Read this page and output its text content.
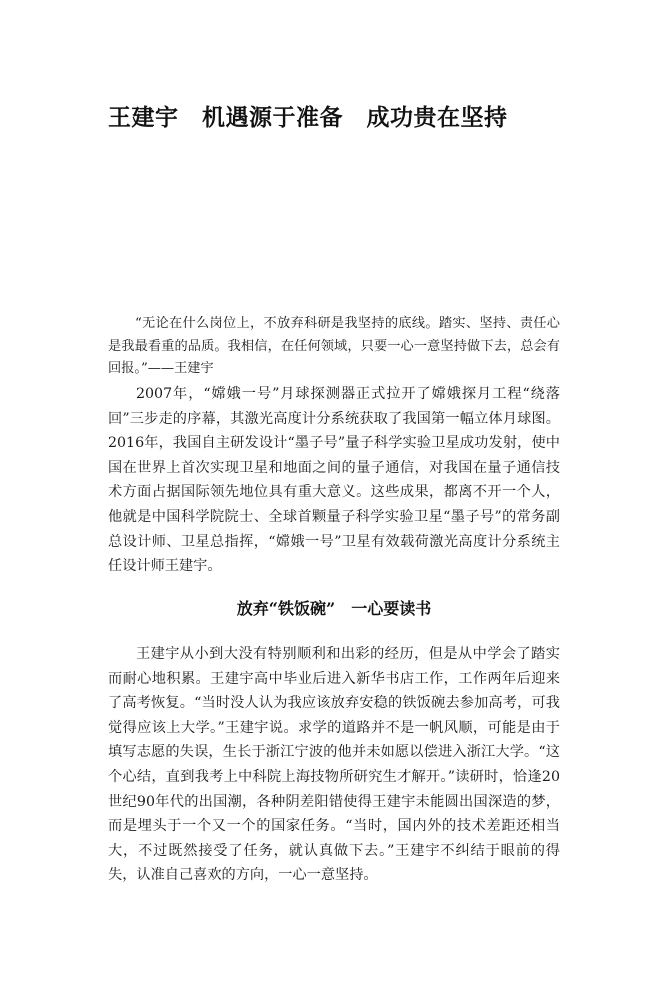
王建宇　机遇源于准备　成功贵在坚持

“无论在什么岗位上，不放弃科研是我坚持的底线。踏实、坚持、责任心是我最看重的品质。我相信，在任何领域，只要一心一意坚持做下去，总会有回报。”——王建宇

2007年，“嫦娥一号”月球探测器正式拉开了嫦娥探月工程“绕落回”三步走的序幕，其激光高度计分系统获取了我国第一幅立体月球图。2016年，我国自主研发设计“墨子号”量子科学实验卫星成功发射，使中国在世界上首次实现卫星和地面之间的量子通信，对我国在量子通信技术方面占据国际领先地位具有重大意义。这些成果，都离不开一个人，他就是中国科学院院士、全球首颗量子科学实验卫星“墨子号”的常务副总设计师、卫星总指挥，“嫦娥一号”卫星有效载荷激光高度计分系统主任设计师王建宇。

放弃“铁饭碗”　一心要读书

王建宇从小到大没有特别顺利和出彩的经历，但是从中学会了踏实而耐心地积累。王建宇高中毕业后进入新华书店工作，工作两年后迎来了高考恢复。“当时没人认为我应该放弃安稳的铁饭碗去参加高考，可我觉得应该上大学。”王建宇说。求学的道路并不是一帆风顺，可能是由于填写志愿的失误，生长于浙江宁波的他并未如愿以偿进入浙江大学。“这个心结，直到我考上中科院上海技物所研究生才解开。”读研时，恰逢20世纪90年代的出国潮，各种阴差阳错使得王建宇未能圆出国深造的梦，而是埋头于一个又一个的国家任务。“当时，国内外的技术差距还相当大，不过既然接受了任务，就认真做下去。”王建宇不纠结于眼前的得失，认准自己喜欢的方向，一心一意坚持。
